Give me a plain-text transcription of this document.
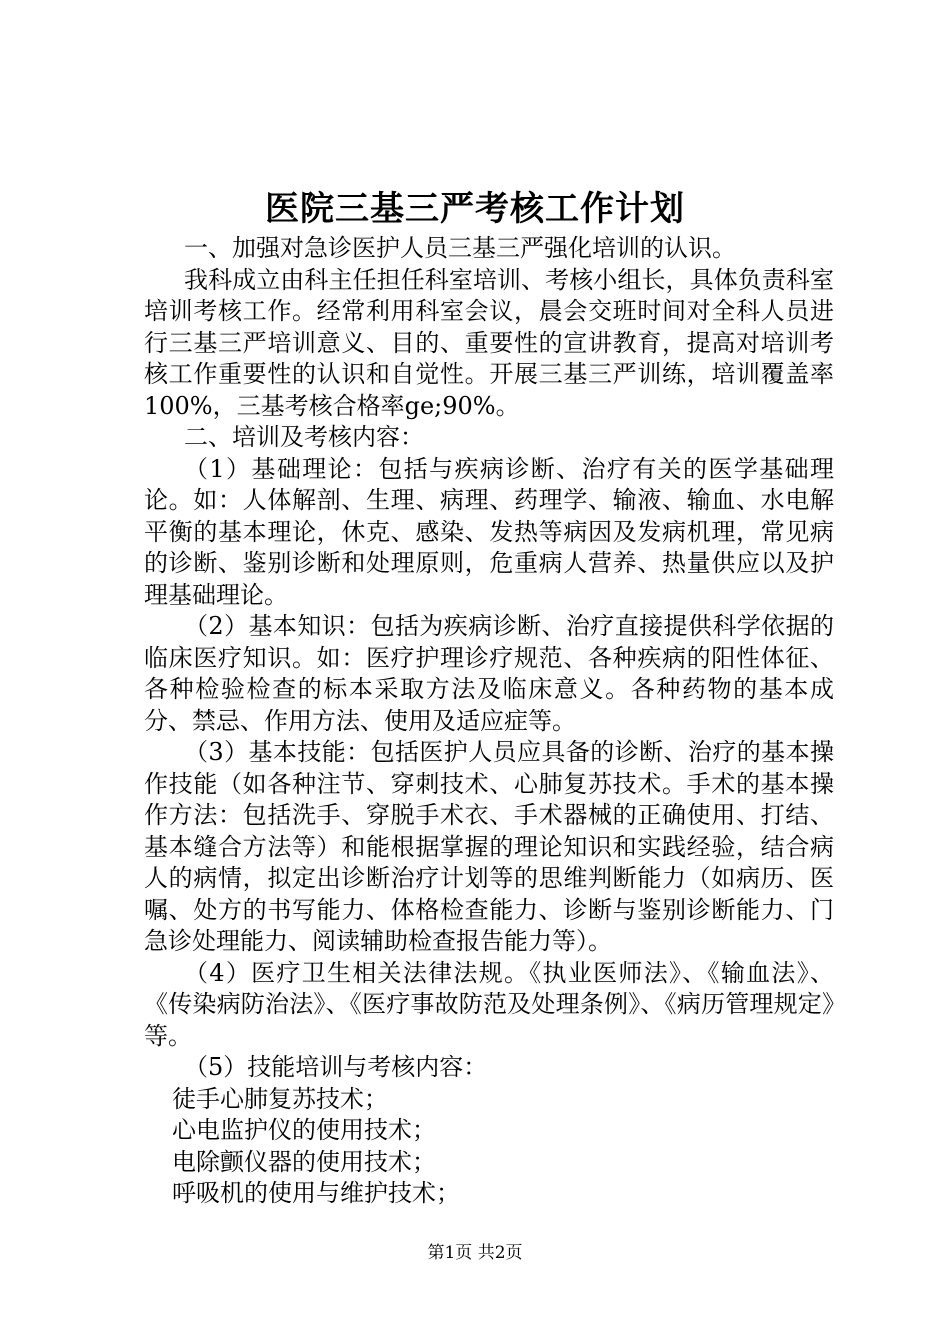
医院三基三严考核工作计划

一、加强对急诊医护人员三基三严强化培训的认识。

我科成立由科主任担任科室培训、考核小组长，具体负责科室培训考核工作。经常利用科室会议，晨会交班时间对全科人员进行三基三严培训意义、目的、重要性的宣讲教育，提高对培训考核工作重要性的认识和自觉性。开展三基三严训练，培训覆盖率100%，三基考核合格率ge;90%。

二、培训及考核内容：

（1）基础理论：包括与疾病诊断、治疗有关的医学基础理论。如：人体解剖、生理、病理、药理学、输液、输血、水电解平衡的基本理论，休克、感染、发热等病因及发病机理，常见病的诊断、鉴别诊断和处理原则，危重病人营养、热量供应以及护理基础理论。

（2）基本知识：包括为疾病诊断、治疗直接提供科学依据的临床医疗知识。如：医疗护理诊疗规范、各种疾病的阳性体征、各种检验检查的标本采取方法及临床意义。各种药物的基本成分、禁忌、作用方法、使用及适应症等。

（3）基本技能：包括医护人员应具备的诊断、治疗的基本操作技能（如各种注节、穿刺技术、心肺复苏技术。手术的基本操作方法：包括洗手、穿脱手术衣、手术器械的正确使用、打结、基本缝合方法等）和能根据掌握的理论知识和实践经验，结合病人的病情，拟定出诊断治疗计划等的思维判断能力（如病历、医嘱、处方的书写能力、体格检查能力、诊断与鉴别诊断能力、门急诊处理能力、阅读辅助检查报告能力等）。

（4）医疗卫生相关法律法规。《执业医师法》、《输血法》、《传染病防治法》、《医疗事故防范及处理条例》、《病历管理规定》等。

（5）技能培训与考核内容：

徒手心肺复苏技术；

心电监护仪的使用技术；

电除颤仪器的使用技术；

呼吸机的使用与维护技术；

第1页 共2页
